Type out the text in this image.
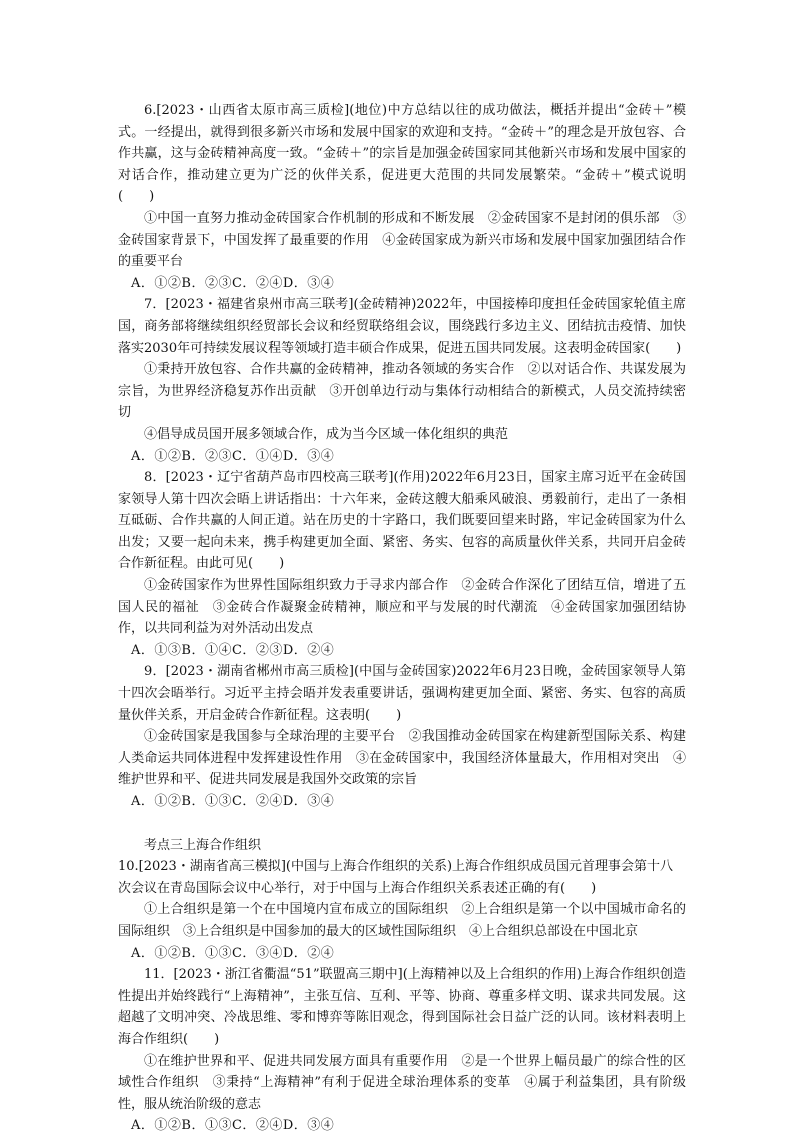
6.[2023・山西省太原市高三质检](地位)中方总结以往的成功做法，概括并提出“金砖＋”模式。一经提出，就得到很多新兴市场和发展中国家的欢迎和支持。“金砖＋”的理念是开放包容、合作共赢，这与金砖精神高度一致。“金砖＋”的宗旨是加强金砖国家同其他新兴市场和发展中国家的对话合作，推动建立更为广泛的伙伴关系，促进更大范围的共同发展繁荣。“金砖＋”模式说明(　　)

①中国一直努力推动金砖国家合作机制的形成和不断发展　②金砖国家不是封闭的俱乐部　③金砖国家背景下，中国发挥了最重要的作用　④金砖国家成为新兴市场和发展中国家加强团结合作的重要平台

A．①②B．②③C．②④D．③④

7．[2023・福建省泉州市高三联考](金砖精神)2022年，中国接棒印度担任金砖国家轮值主席国，商务部将继续组织经贸部长会议和经贸联络组会议，围绕践行多边主义、团结抗击疫情、加快落实2030年可持续发展议程等领域打造丰硕合作成果，促进五国共同发展。这表明金砖国家(　　)

①秉持开放包容、合作共赢的金砖精神，推动各领域的务实合作　②以对话合作、共谋发展为宗旨，为世界经济稳复苏作出贡献　③开创单边行动与集体行动相结合的新模式，人员交流持续密切

④倡导成员国开展多领域合作，成为当今区域一体化组织的典范

A．①②B．②③C．①④D．③④

8．[2023・辽宁省葫芦岛市四校高三联考](作用)2022年6月23日，国家主席习近平在金砖国家领导人第十四次会晤上讲话指出：十六年来，金砖这艘大船乘风破浪、勇毅前行，走出了一条相互砥砺、合作共赢的人间正道。站在历史的十字路口，我们既要回望来时路，牢记金砖国家为什么出发；又要一起向未来，携手构建更加全面、紧密、务实、包容的高质量伙伴关系，共同开启金砖合作新征程。由此可见(　　)

①金砖国家作为世界性国际组织致力于寻求内部合作　②金砖合作深化了团结互信，增进了五国人民的福祉　③金砖合作凝聚金砖精神，顺应和平与发展的时代潮流　④金砖国家加强团结协作，以共同利益为对外活动出发点

A．①③B．①④C．②③D．②④

9．[2023・湖南省郴州市高三质检](中国与金砖国家)2022年6月23日晚，金砖国家领导人第十四次会晤举行。习近平主持会晤并发表重要讲话，强调构建更加全面、紧密、务实、包容的高质量伙伴关系，开启金砖合作新征程。这表明(　　)

①金砖国家是我国参与全球治理的主要平台　②我国推动金砖国家在构建新型国际关系、构建人类命运共同体进程中发挥建设性作用　③在金砖国家中，我国经济体量最大，作用相对突出　④维护世界和平、促进共同发展是我国外交政策的宗旨

A．①②B．①③C．②④D．③④

考点三上海合作组织

10.[2023・湖南省高三模拟](中国与上海合作组织的关系)上海合作组织成员国元首理事会第十八次会议在青岛国际会议中心举行，对于中国与上海合作组织关系表述正确的有(　　)

①上合组织是第一个在中国境内宣布成立的国际组织　②上合组织是第一个以中国城市命名的国际组织　③上合组织是中国参加的最大的区域性国际组织　④上合组织总部设在中国北京

A．①②B．①③C．③④D．②④

11．[2023・浙江省衢温“51”联盟高三期中](上海精神以及上合组织的作用)上海合作组织创造性提出并始终践行“上海精神”，主张互信、互利、平等、协商、尊重多样文明、谋求共同发展。这超越了文明冲突、冷战思维、零和博弈等陈旧观念，得到国际社会日益广泛的认同。该材料表明上海合作组织(　　)

①在维护世界和平、促进共同发展方面具有重要作用　②是一个世界上幅员最广的综合性的区域性合作组织　③秉持“上海精神”有利于促进全球治理体系的变革　④属于利益集团，具有阶级性，服从统治阶级的意志

A．①②B．①③C．②④D．③④
